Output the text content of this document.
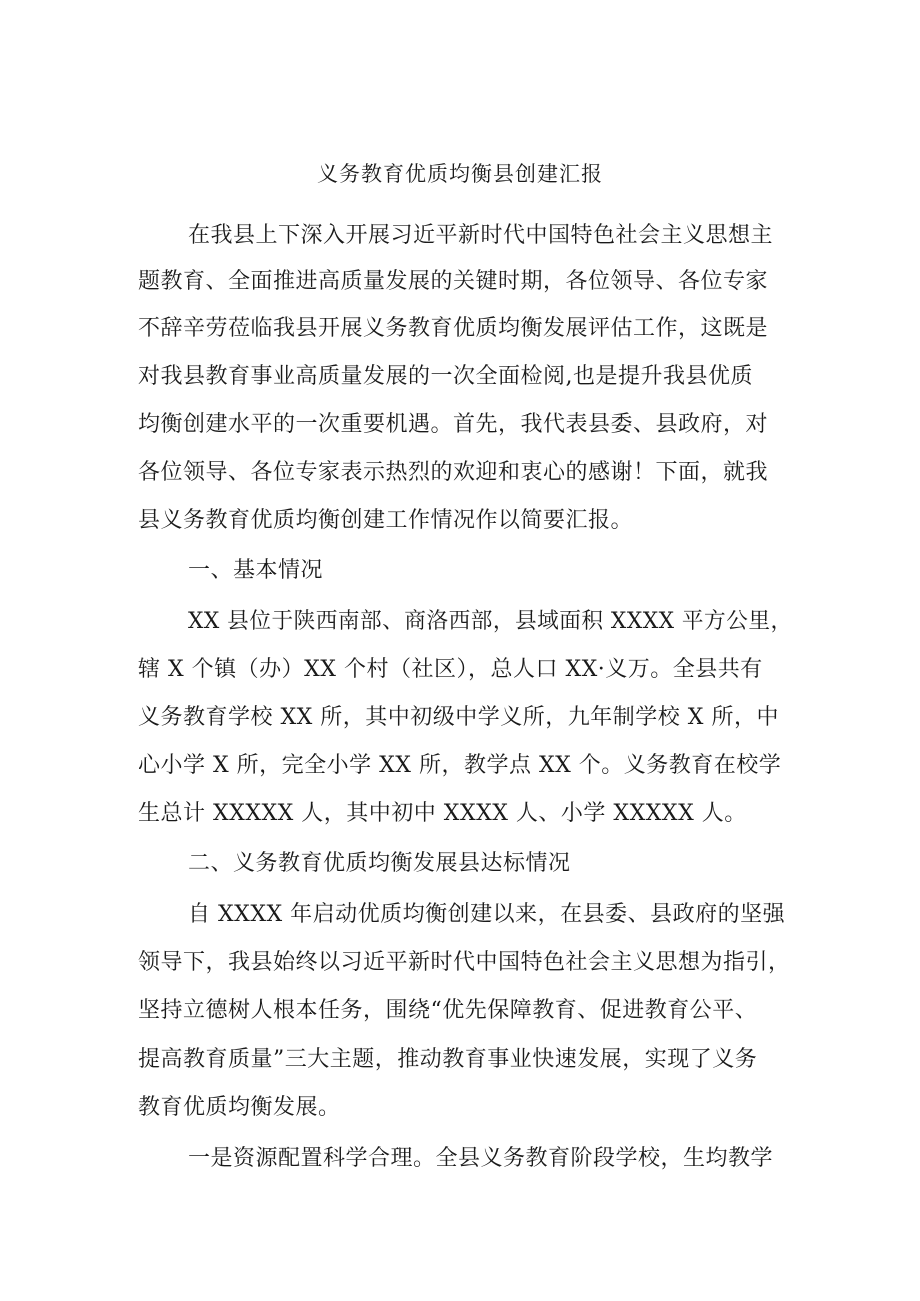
义务教育优质均衡县创建汇报
在我县上下深入开展习近平新时代中国特色社会主义思想主
题教育、全面推进高质量发展的关键时期，各位领导、各位专家
不辞辛劳莅临我县开展义务教育优质均衡发展评估工作，这既是
对我县教育事业高质量发展的一次全面检阅,也是提升我县优质
均衡创建水平的一次重要机遇。首先，我代表县委、县政府，对
各位领导、各位专家表示热烈的欢迎和衷心的感谢！下面，就我
县义务教育优质均衡创建工作情况作以简要汇报。
一、基本情况
XX 县位于陕西南部、商洛西部，县域面积 XXXX 平方公里，
辖 X 个镇（办）XX 个村（社区），总人口 XX·义万。全县共有
义务教育学校 XX 所，其中初级中学义所，九年制学校 X 所，中
心小学 X 所，完全小学 XX 所，教学点 XX 个。义务教育在校学
生总计 XXXXX 人，其中初中 XXXX 人、小学 XXXXX 人。
二、义务教育优质均衡发展县达标情况
自 XXXX 年启动优质均衡创建以来，在县委、县政府的坚强
领导下，我县始终以习近平新时代中国特色社会主义思想为指引，
坚持立德树人根本任务，围绕“优先保障教育、促进教育公平、
提高教育质量”三大主题，推动教育事业快速发展，实现了义务
教育优质均衡发展。
一是资源配置科学合理。全县义务教育阶段学校，生均教学
